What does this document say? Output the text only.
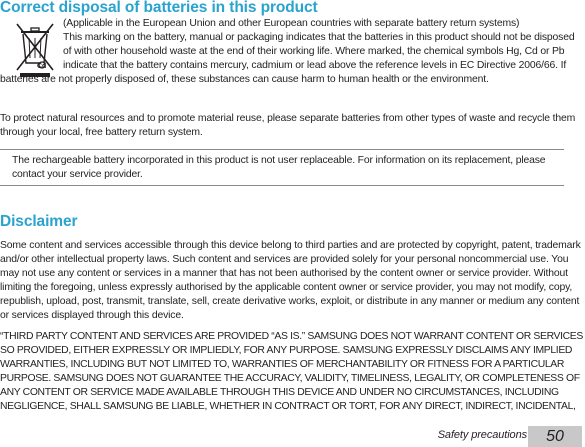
Correct disposal of batteries in this product
Cd

(Applicable in the European Union and other European countries with separate battery return systems)

This marking on the battery, manual or packaging indicates that the batteries in this product should not be disposed of with other household waste at the end of their working life. Where marked, the chemical symbols Hg, Cd or Pb indicate that the battery contains mercury, cadmium or lead above the reference levels in EC Directive 2006/66. If batteries are not properly disposed of, these substances can cause harm to human health or the environment.

To protect natural resources and to promote material reuse, please separate batteries from other types of waste and recycle them through your local, free battery return system.

The rechargeable battery incorporated in this product is not user replaceable. For information on its replacement, please contact your service provider.

Disclaimer

Some content and services accessible through this device belong to third parties and are protected by copyright, patent, trademark and/or other intellectual property laws. Such content and services are provided solely for your personal noncommercial use. You may not use any content or services in a manner that has not been authorised by the content owner or service provider. Without limiting the foregoing, unless expressly authorised by the applicable content owner or service provider, you may not modify, copy, republish, upload, post, transmit, translate, sell, create derivative works, exploit, or distribute in any manner or medium any content or services displayed through this device.

“THIRD PARTY CONTENT AND SERVICES ARE PROVIDED “AS IS.” SAMSUNG DOES NOT WARRANT CONTENT OR SERVICES SO PROVIDED, EITHER EXPRESSLY OR IMPLIEDLY, FOR ANY PURPOSE. SAMSUNG EXPRESSLY DISCLAIMS ANY IMPLIED WARRANTIES, INCLUDING BUT NOT LIMITED TO, WARRANTIES OF MERCHANTABILITY OR FITNESS FOR A PARTICULAR PURPOSE. SAMSUNG DOES NOT GUARANTEE THE ACCURACY, VALIDITY, TIMELINESS, LEGALITY, OR COMPLETENESS OF ANY CONTENT OR SERVICE MADE AVAILABLE THROUGH THIS DEVICE AND UNDER NO CIRCUMSTANCES, INCLUDING NEGLIGENCE, SHALL SAMSUNG BE LIABLE, WHETHER IN CONTRACT OR TORT, FOR ANY DIRECT, INDIRECT, INCIDENTAL,

Safety precautions	50
